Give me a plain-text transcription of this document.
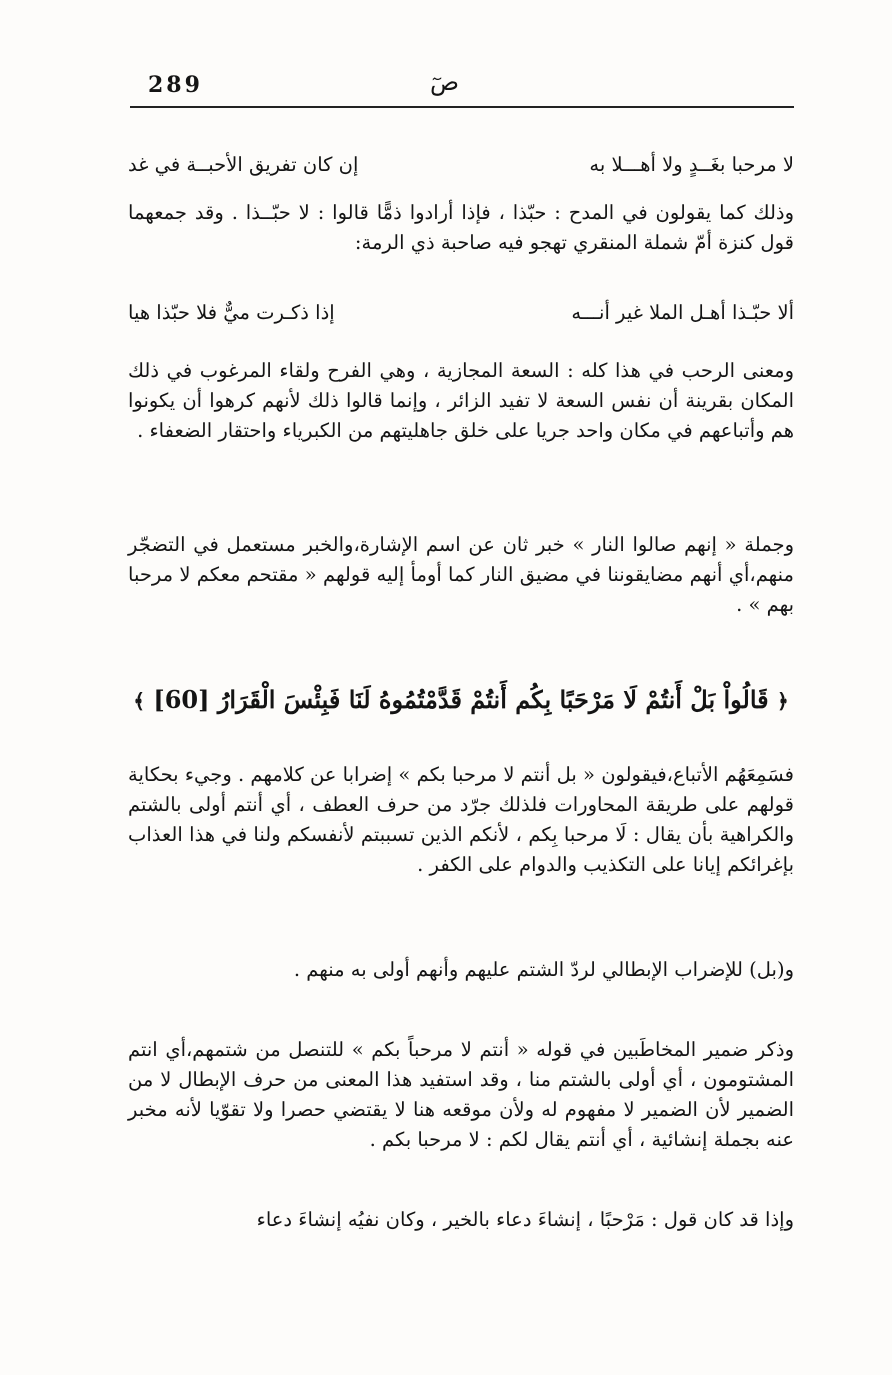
289	صٓ
لا مرحبا بغَــدٍ ولا أهـــلا به
إن كان تفريق الأحبــة في غد
وذلك كما يقولون في المدح : حبّذا ، فإذا أرادوا ذمًّا قالوا : لا حبّــذا . وقد جمعهما قول كنزة أمّ شملة المنقري تهجو فيه صاحبة ذي الرمة:
ألا حبّـذا أهـل الملا غير أنـــه
إذا ذكـرت ميٌّ فلا حبّذا هيا
ومعنى الرحب في هذا كله : السعة المجازية ، وهي الفرح ولقاء المرغوب في ذلك المكان بقرينة أن نفس السعة لا تفيد الزائر ، وإنما قالوا ذلك لأنهم كرهوا أن يكونوا هم وأتباعهم في مكان واحد جريا على خلق جاهليتهم من الكبرياء واحتقار الضعفاء .
وجملة « إنهم صالوا النار » خبر ثان عن اسم الإشارة،والخبر مستعمل في التضجّر منهم،أي أنهم مضايقوننا في مضيق النار كما أومأ إليه قولهم « مقتحم معكم لا مرحبا بهم » .
﴿ قَالُواْ بَلْ أَنتُمْ لَا مَرْحَبًا بِكُم أَنتُمْ قَدَّمْتُمُوهُ لَنَا فَبِئْسَ الْقَرَارُ [60] ﴾
فسَمِعَهُم الأتباع،فيقولون « بل أنتم لا مرحبا بكم » إضرابا عن كلامهم . وجيء بحكاية قولهم على طريقة المحاورات فلذلك جرّد من حرف العطف ، أي أنتم أولى بالشتم والكراهية بأن يقال : لَا مرحبا بِكم ، لأنكم الذين تسببتم لأنفسكم ولنا في هذا العذاب بإغرائكم إيانا على التكذيب والدوام على الكفر .
و(بل) للإضراب الإبطالي لردّ الشتم عليهم وأنهم أولى به منهم .
وذكر ضمير المخاطَبين في قوله « أنتم لا مرحباً بكم » للتنصل من شتمهم،أي انتم المشتومون ، أي أولى بالشتم منا ، وقد استفيد هذا المعنى من حرف الإبطال لا من الضمير لأن الضمير لا مفهوم له ولأن موقعه هنا لا يقتضي حصرا ولا تقوّيا لأنه مخبر عنه بجملة إنشائية ، أي أنتم يقال لكم : لا مرحبا بكم .
وإذا قد كان قول : مَرْحبًا ، إنشاءَ دعاء بالخير ، وكان نفيُه إنشاءَ دعاء
